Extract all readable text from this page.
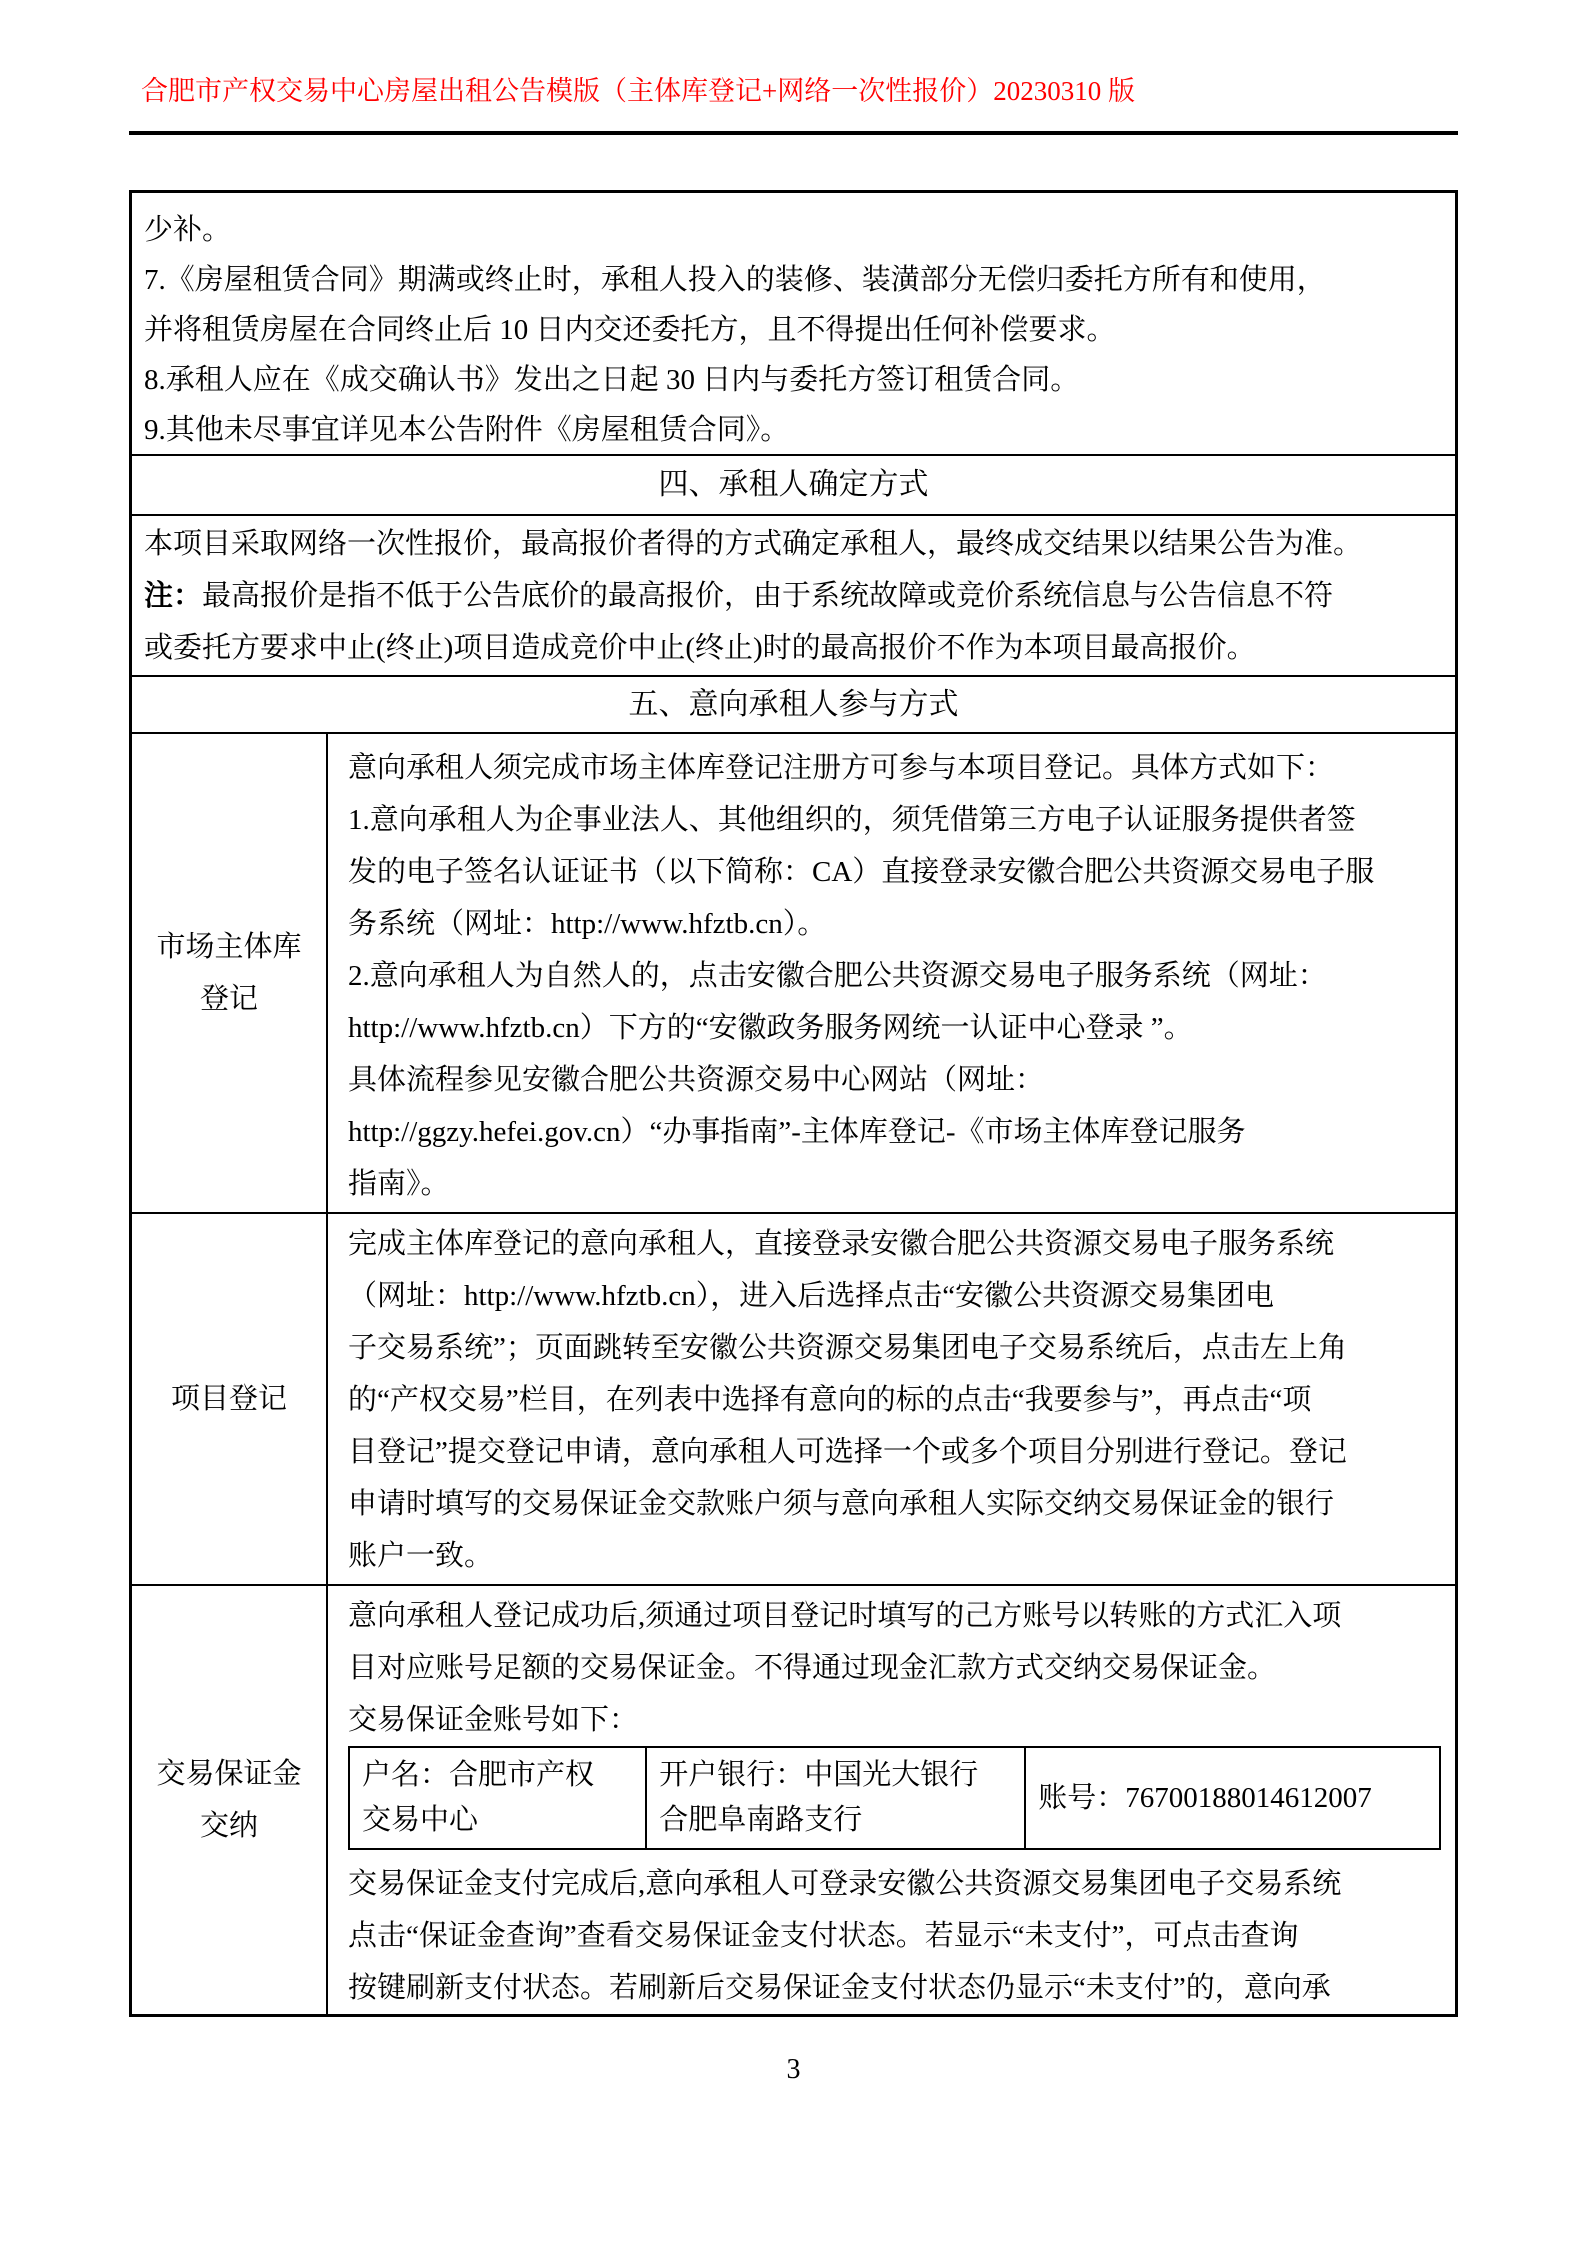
合肥市产权交易中心房屋出租公告模版（主体库登记+网络一次性报价）20230310 版
少补。
7.《房屋租赁合同》期满或终止时，承租人投入的装修、装潢部分无偿归委托方所有和使用，
并将租赁房屋在合同终止后 10 日内交还委托方，且不得提出任何补偿要求。
8.承租人应在《成交确认书》发出之日起 30 日内与委托方签订租赁合同。
9.其他未尽事宜详见本公告附件《房屋租赁合同》。
四、承租人确定方式
本项目采取网络一次性报价，最高报价者得的方式确定承租人，最终成交结果以结果公告为准。
注：最高报价是指不低于公告底价的最高报价，由于系统故障或竞价系统信息与公告信息不符
或委托方要求中止(终止)项目造成竞价中止(终止)时的最高报价不作为本项目最高报价。
五、意向承租人参与方式
市场主体库
登记
意向承租人须完成市场主体库登记注册方可参与本项目登记。具体方式如下：
1.意向承租人为企事业法人、其他组织的，须凭借第三方电子认证服务提供者签
发的电子签名认证证书（以下简称：CA）直接登录安徽合肥公共资源交易电子服
务系统（网址：http://www.hfztb.cn）。
2.意向承租人为自然人的，点击安徽合肥公共资源交易电子服务系统（网址：
http://www.hfztb.cn）下方的“安徽政务服务网统一认证中心登录 ”。
具体流程参见安徽合肥公共资源交易中心网站（网址：
http://ggzy.hefei.gov.cn）“办事指南”-主体库登记-《市场主体库登记服务
指南》。
项目登记
完成主体库登记的意向承租人，直接登录安徽合肥公共资源交易电子服务系统
（网址：http://www.hfztb.cn），进入后选择点击“安徽公共资源交易集团电
子交易系统”；页面跳转至安徽公共资源交易集团电子交易系统后，点击左上角
的“产权交易”栏目，在列表中选择有意向的标的点击“我要参与”，再点击“项
目登记”提交登记申请，意向承租人可选择一个或多个项目分别进行登记。登记
申请时填写的交易保证金交款账户须与意向承租人实际交纳交易保证金的银行
账户一致。
交易保证金
交纳
意向承租人登记成功后,须通过项目登记时填写的己方账号以转账的方式汇入项
目对应账号足额的交易保证金。不得通过现金汇款方式交纳交易保证金。
交易保证金账号如下：
户名：合肥市产权
交易中心
开户银行：中国光大银行
合肥阜南路支行
账号：76700188014612007
交易保证金支付完成后,意向承租人可登录安徽公共资源交易集团电子交易系统
点击“保证金查询”查看交易保证金支付状态。若显示“未支付”，可点击查询
按键刷新支付状态。若刷新后交易保证金支付状态仍显示“未支付”的，意向承
3
